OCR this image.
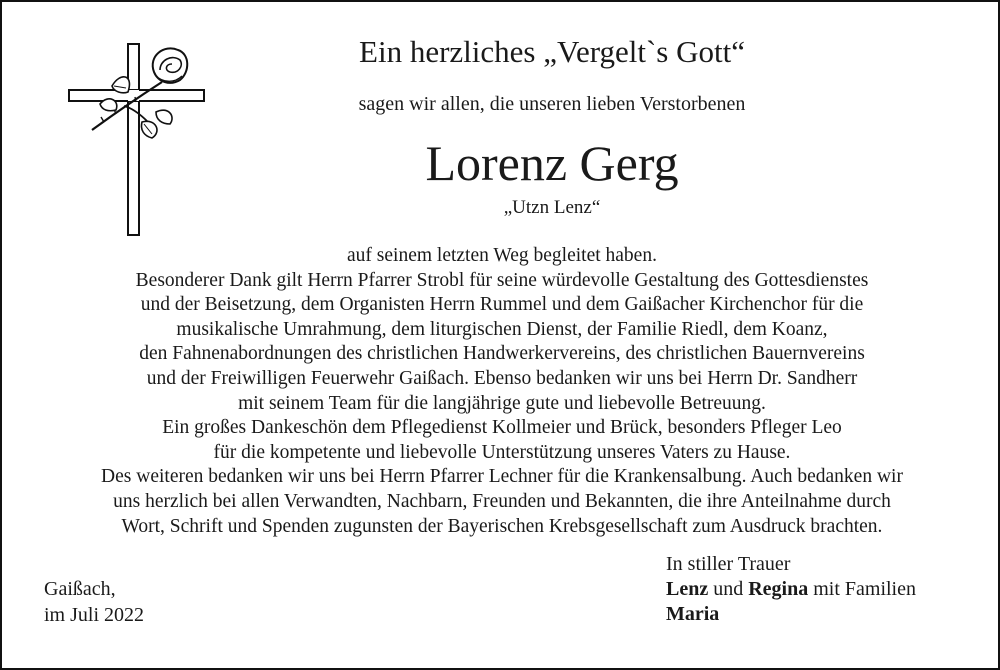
Ein herzliches „Vergelt`s Gott“
sagen wir allen, die unseren lieben Verstorbenen
Lorenz Gerg
„Utzn Lenz“
auf seinem letzten Weg begleitet haben.
Besonderer Dank gilt Herrn Pfarrer Strobl für seine würdevolle Gestaltung des Gottesdienstes
und der Beisetzung, dem Organisten Herrn Rummel und dem Gaißacher Kirchenchor für die
musikalische Umrahmung, dem liturgischen Dienst, der Familie Riedl, dem Koanz,
den Fahnenabordnungen des christlichen Handwerkervereins, des christlichen Bauernvereins
und der Freiwilligen Feuerwehr Gaißach. Ebenso bedanken wir uns bei Herrn Dr. Sandherr
mit seinem Team für die langjährige gute und liebevolle Betreuung.
Ein großes Dankeschön dem Pflegedienst Kollmeier und Brück, besonders Pfleger Leo
für die kompetente und liebevolle Unterstützung unseres Vaters zu Hause.
Des weiteren bedanken wir uns bei Herrn Pfarrer Lechner für die Krankensalbung. Auch bedanken wir
uns herzlich bei allen Verwandten, Nachbarn, Freunden und Bekannten, die ihre Anteilnahme durch
Wort, Schrift und Spenden zugunsten der Bayerischen Krebsgesellschaft zum Ausdruck brachten.
Gaißach,
im Juli 2022
In stiller Trauer
Lenz und Regina mit Familien
Maria
